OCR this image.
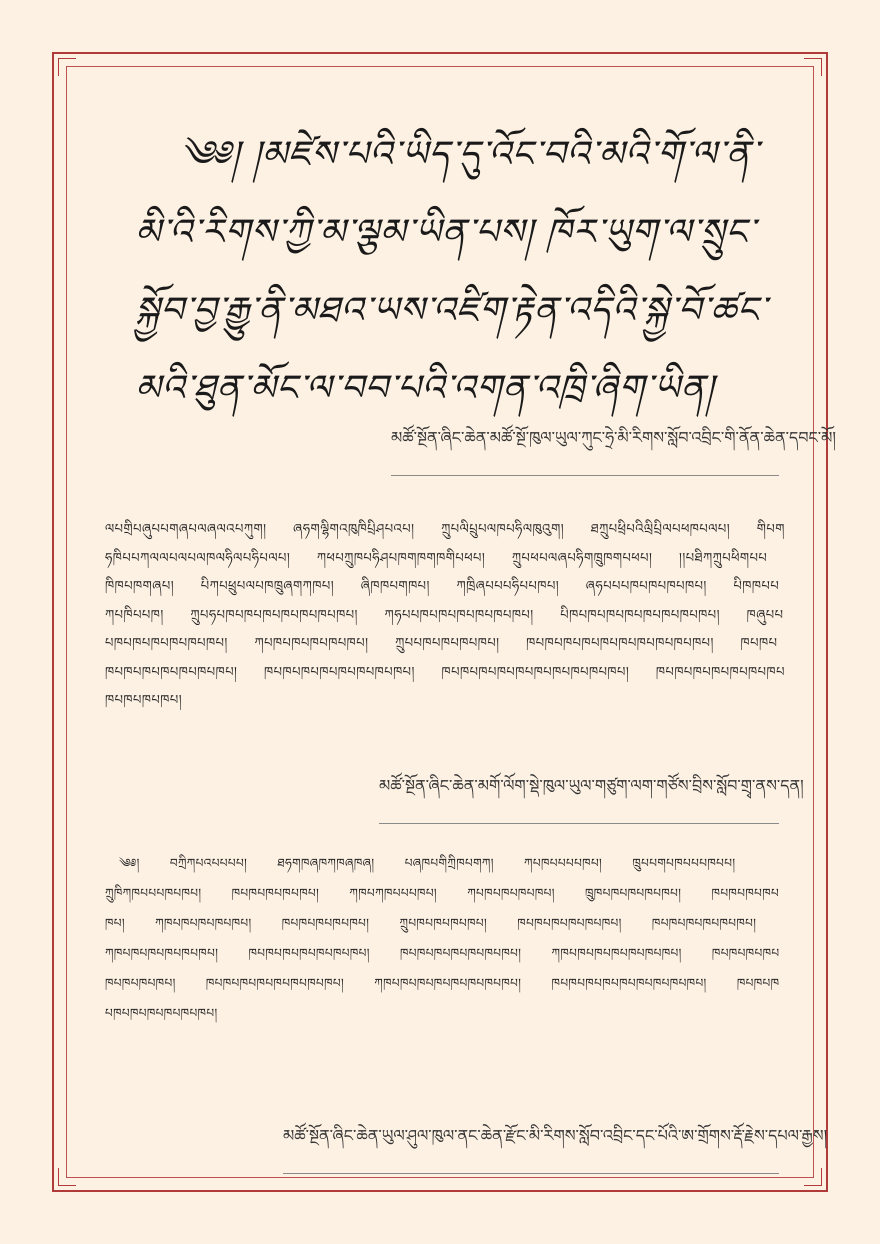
༄༅། །མཛེས་པའི་ཡིད་དུ་འོང་བའི་མའི་གོ་ལ་ནི་མི་འི་རིགས་ཀྱི་མ་ལྕམ་ཡིན་པས། ཁོར་ཡུག་ལ་སྲུང་སྐྱོབ་བྱ་རྒྱུ་ནི་མཐའ་ཡས་འཛིག་རྟེན་འདིའི་སྐྱེ་བོ་ཚང་མའི་ཐུན་མོང་ལ་བབ་པའི་འགན་འཁྲི་ཞིག་ཡིན།
མཚོ་སྔོན་ཞིང་ཆེན་མཚོ་སྔོ་ཁུལ་ཡུལ་ཀུང་ཧྲེ་མི་རིགས་སློབ་འབྲིང་གི་ནོན་ཆེན་དབང་མོ།
ལཔགྲིཔཞུཔཔགཞཔལཞལའཔཀུག། ཞཧགལྷིགའཁུཁིཔྲིཤཔའཔ། ཀྲུཔལིཔྲུཔལཁཔཧིལཁུའུག། ཐཀྲུཔཕྲིཔའིལྲིཔྲིལཔཕཁཔལཔ། གིཔགཧཁིཔཔཀལལཔལཔལཁལཧིལཔཧིཔལཔ། ཀཕཔཀྲུཁཔཧིཤཔཁགཁགཁགིཔཕཔ། ཀྲུཔཕཔལཞཔཧིགཁྲུཁགཔཕཔ། །།པཐིཀཀྲུཔཕིགཔཔཁིཁཔཁགཞཔ། པིཀཔཕྲུཔལཔཁཁྲུཞགཀཁཔ། ཞིཁཁཔགཁཔ། ཀཁྲིཞཔཔཔཧིཔཔཁཔ། ཞཧཔཔཔཁཔཁཔཁཔཁཔ། པིཁཁཔཔཀཔཁིཔཔཁ། ཀྲུཔཧཔཁཔཁཔཁཔཁཔཁཔཁཔཁཔ། ཀཧཔཔཁཔཁཔཁཔཁཔཁཔཁཔ། པིཁཔཁཔཁཔཁཔཁཔཁཔཁཔཁཔ། ཁཞུཔཔཔཁཔཁཔཁཔཁཔཁཔཁཔ། ཀཔཁཔཁཔཁཔཁཔཁཔ། ཀྲུཔཔཁཔཁཔཁཔཁཔ། ཁཔཁཔཁཔཁཔཁཔཁཔཁཔཁཔཁཔཁཔ། ཁཔཁཔཁཔཁཔཁཔཁཔཁཔཁཔཁཔ། ཁཔཁཔཁཔཁཔཁཔཁཔཁཔཁཔ། ཁཔཁཔཁཔཁཔཁཔཁཔཁཔཁཔཁཔཁཔ། ཁཔཁཔཁཔཁཔཁཔཁཔཁཔཁཔཁཔཁཔཁཔ།
མཚོ་སྔོན་ཞིང་ཆེན་མགོ་ལོག་སྡེ་ཁུལ་ཡུལ་གཙུག་ལག་གཙོས་བྲིས་སློབ་གྲྭ་ནས་དན།
༄༅། བཀྲིཀཔའཔཔཔཔ། ཐཧགཁཞཁཀཁཞཁཞ། པཞཁཔགིཀྲིཁཔགཀ། ཀཔཁཔཔཔཔཁཔ། ཁྲུཔཔགཔཁཔཔཔཁཔཔ། ཀྲུཁིཀཁཔཔཔཁཔཁཔ། ཁཔཁཔཁཔཁཔཁཔ། ཀཁཔཀཁཔཔཔཁཔ། ཀཔཁཔཁཔཁཔཁཔ། ཁྲུཁཔཁཔཁཔཁཔཁཔ། ཁཔཁཔཁཔཁཔཁཔ། ཀཁཔཁཔཁཔཁཔཁཔ། ཁཔཁཔཁཔཁཔཁཔ། ཀྲུཔཁཔཁཔཁཔཁཔ། ཁཔཁཔཁཔཁཔཁཔཁཔ། ཁཔཁཔཁཔཁཔཁཔཁཔ། ཀཁཔཁཔཁཔཁཔཁཔཁཔ། ཁཔཁཔཁཔཁཔཁཔཁཔཁཔ། ཁཔཁཔཁཔཁཔཁཔཁཔཁཔ། ཀཁཔཁཔཁཔཁཔཁཔཁཔཁཔ། ཁཔཁཔཁཔཁཔཁཔཁཔཁཔཁཔ། ཁཔཁཔཁཔཁཔཁཔཁཔཁཔཁཔ། ཀཁཔཁཔཁཔཁཔཁཔཁཔཁཔཁཔ། ཁཔཁཔཁཔཁཔཁཔཁཔཁཔཁཔཁཔ། ཁཔཁཔཁཔཁཔཁཔཁཔཁཔཁཔཁཔ།
མཚོ་སྔོན་ཞིང་ཆེན་ཡུལ་ཤུལ་ཁུལ་ནང་ཆེན་རྫོང་མི་རིགས་སློབ་འབྲིང་དང་པོའི་ཨ་གྲོགས་རྡོ་རྗེས་དཔལ་རྒྱས།
